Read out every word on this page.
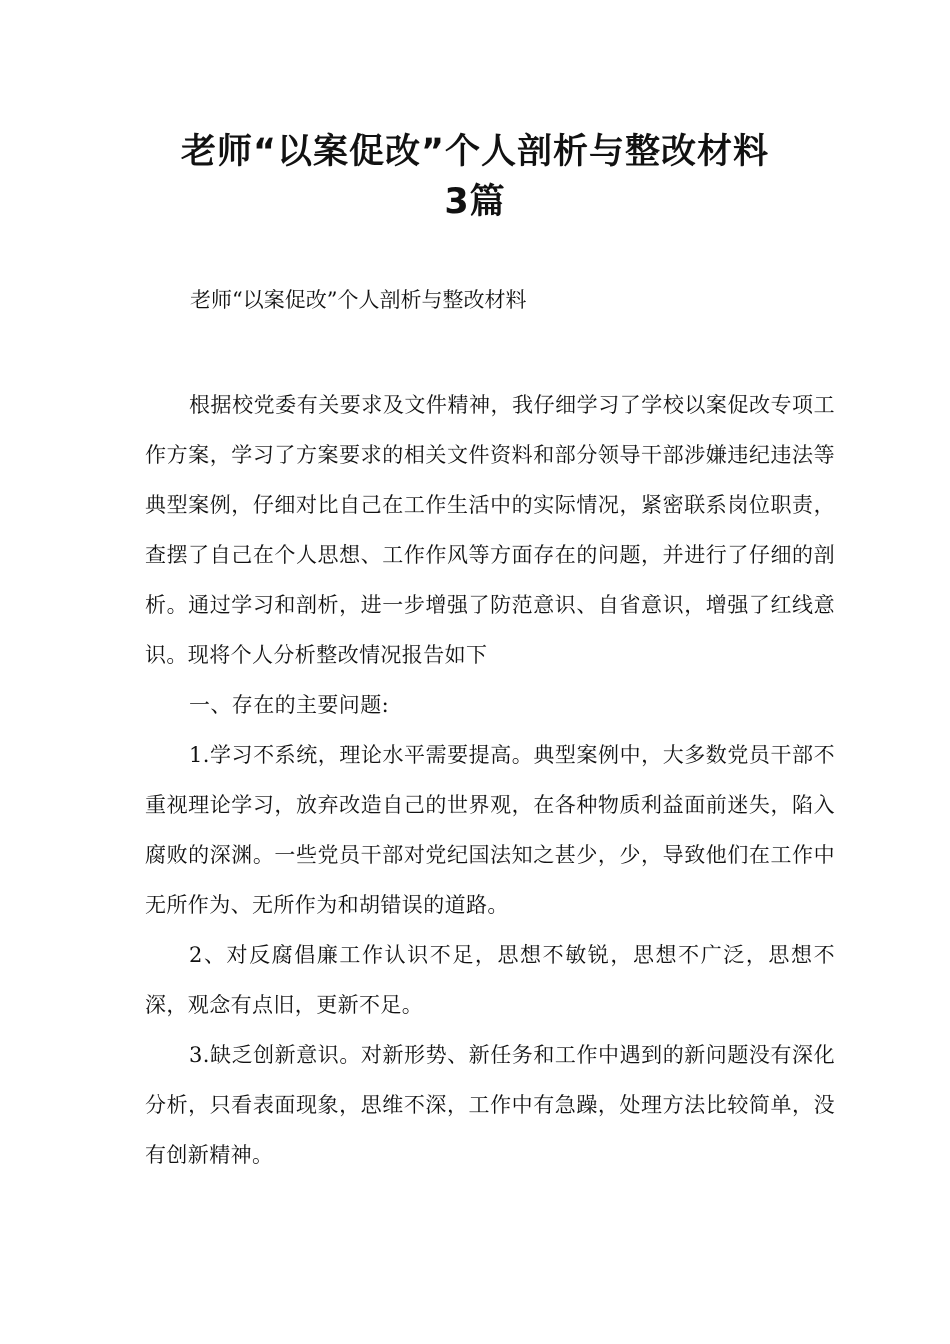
老师“以案促改”个人剖析与整改材料
3篇

老师“以案促改”个人剖析与整改材料

根据校党委有关要求及文件精神，我仔细学习了学校以案促改专项工作方案，学习了方案要求的相关文件资料和部分领导干部涉嫌违纪违法等典型案例，仔细对比自己在工作生活中的实际情况，紧密联系岗位职责，查摆了自己在个人思想、工作作风等方面存在的问题，并进行了仔细的剖析。通过学习和剖析，进一步增强了防范意识、自省意识，增强了红线意识。现将个人分析整改情况报告如下

一、存在的主要问题:

1.学习不系统，理论水平需要提高。典型案例中，大多数党员干部不重视理论学习，放弃改造自己的世界观，在各种物质利益面前迷失，陷入腐败的深渊。一些党员干部对党纪国法知之甚少，少，导致他们在工作中无所作为、无所作为和胡错误的道路。

2、对反腐倡廉工作认识不足，思想不敏锐，思想不广泛，思想不深，观念有点旧，更新不足。

3.缺乏创新意识。对新形势、新任务和工作中遇到的新问题没有深化分析，只看表面现象，思维不深，工作中有急躁，处理方法比较简单，没有创新精神。
